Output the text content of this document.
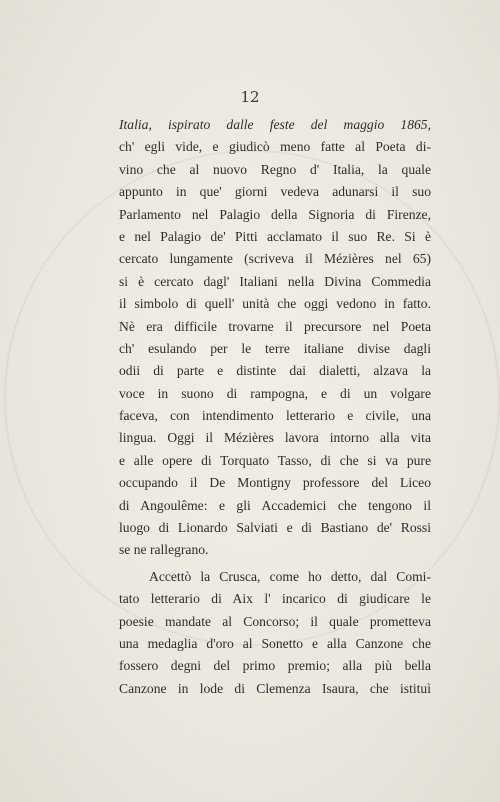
12

Italia, ispirato dalle feste del maggio 1865,
ch' egli vide, e giudicò meno fatte al Poeta di-
vino che al nuovo Regno d' Italia, la quale
appunto in que' giorni vedeva adunarsi il suo
Parlamento nel Palagio della Signoria di Firenze,
e nel Palagio de' Pitti acclamato il suo Re. Si è
cercato lungamente (scriveva il Mézières nel 65)
si è cercato dagl' Italiani nella Divina Commedia
il simbolo di quell' unità che oggi vedono in fatto.
Nè era difficile trovarne il precursore nel Poeta
ch' esulando per le terre italiane divise dagli
odii di parte e distinte dai dialetti, alzava la
voce in suono di rampogna, e di un volgare
faceva, con intendimento letterario e civile, una
lingua. Oggi il Mézières lavora intorno alla vita
e alle opere di Torquato Tasso, di che si va pure
occupando il De Montigny professore del Liceo
di Angoulême: e gli Accademici che tengono il
luogo di Lionardo Salviati e di Bastiano de' Rossi
se ne rallegrano.
Accettò la Crusca, come ho detto, dal Comi-
tato letterario di Aix l' incarico di giudicare le
poesie mandate al Concorso; il quale prometteva
una medaglia d'oro al Sonetto e alla Canzone che
fossero degni del primo premio; alla più bella
Canzone in lode di Clemenza Isaura, che istituì
